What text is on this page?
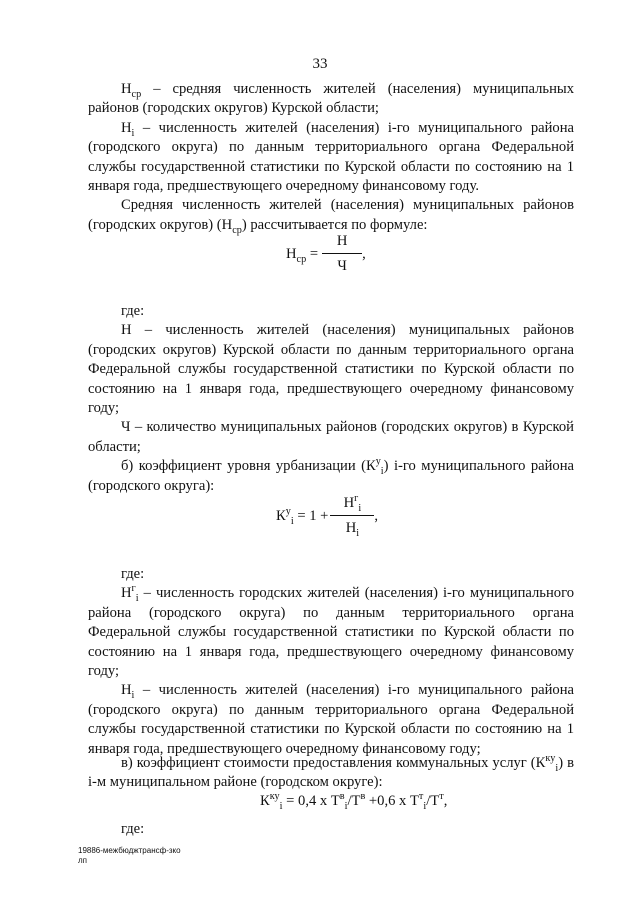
33

$Н_{ср}$ – средняя численность жителей (населения) муниципальных районов (городских округов) Курской области;

$Н_i$ – численность жителей (населения) i-го муниципального района (городского округа) по данным территориального органа Федеральной службы государственной статистики по Курской области по состоянию на 1 января года, предшествующего очередному финансовому году.

Средняя численность жителей (населения) муниципальных районов (городских округов) $(Н_{ср})$ рассчитывается по формуле:

$Н_{ср}$ =	
Н
Ч
	,

где:

Н – численность жителей (населения) муниципальных районов (городских округов) Курской области по данным территориального органа Федеральной службы государственной статистики по Курской области по состоянию на 1 января года, предшествующего очередному финансовому году;

Ч – количество муниципальных районов (городских округов) в Курской области;

б) коэффициент уровня урбанизации $(К^у_i)$ i-го муниципального района (городского округа):

$К^у_i = 1$ +	
$Н^г_i$
$Н_i$
	,

где:

$Н^г_i$ – численность городских жителей (населения) i-го муниципального района (городского округа) по данным территориального органа Федеральной службы государственной статистики по Курской области по состоянию на 1 января года, предшествующего очередному финансовому году;

$Н_i$ – численность жителей (населения) i-го муниципального района (городского округа) по данным территориального органа Федеральной службы государственной статистики по Курской области по состоянию на 1 января года, предшествующего очередному финансовому году;

в) коэффициент стоимости предоставления коммунальных услуг $(К^{ку}_i)$ в i-м муниципальном районе (городском округе):

$К^{ку}_i = 0,4$ х $Т^в_i/Т^в +0,6$ х $Т^т_i/Т^т$,

где:

19886-межбюджтрансф-зко
лп
